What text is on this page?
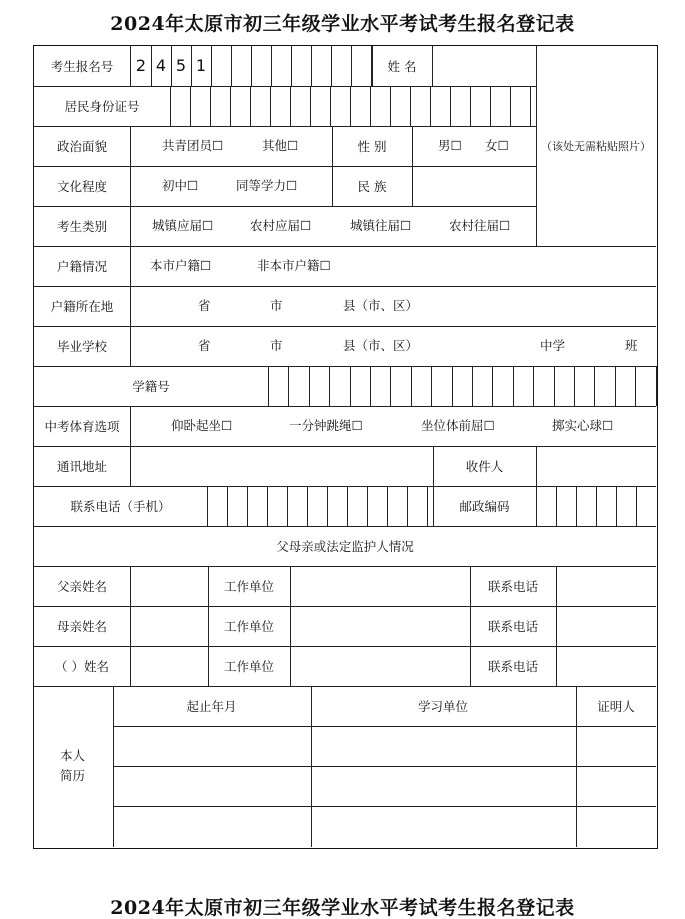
2024年太原市初三年级学业水平考试考生报名登记表
考生报名号	2 4 5 1	姓 名
居民身份证号
（该处无需粘贴照片）
政治面貌	共青团员☐	其他☐	性 别	男☐ 女☐
文化程度	初中☐	同等学力☐	民 族
考生类别	城镇应届☐	农村应届☐	城镇往届☐	农村往届☐
户籍情况	本市户籍☐	非本市户籍☐
户籍所在地	省	市	县（市、区）
毕业学校	省	市	县（市、区）	中学	班
学籍号
中考体育选项	仰卧起坐☐	一分钟跳绳☐	坐位体前屈☐	掷实心球☐
通讯地址	收件人
联系电话（手机）	邮政编码
父母亲或法定监护人情况
父亲姓名	工作单位	联系电话
母亲姓名	工作单位	联系电话
（ ）姓名	工作单位	联系电话
本人
简历
起止年月	学习单位	证明人
2024年太原市初三年级学业水平考试考生报名登记表
